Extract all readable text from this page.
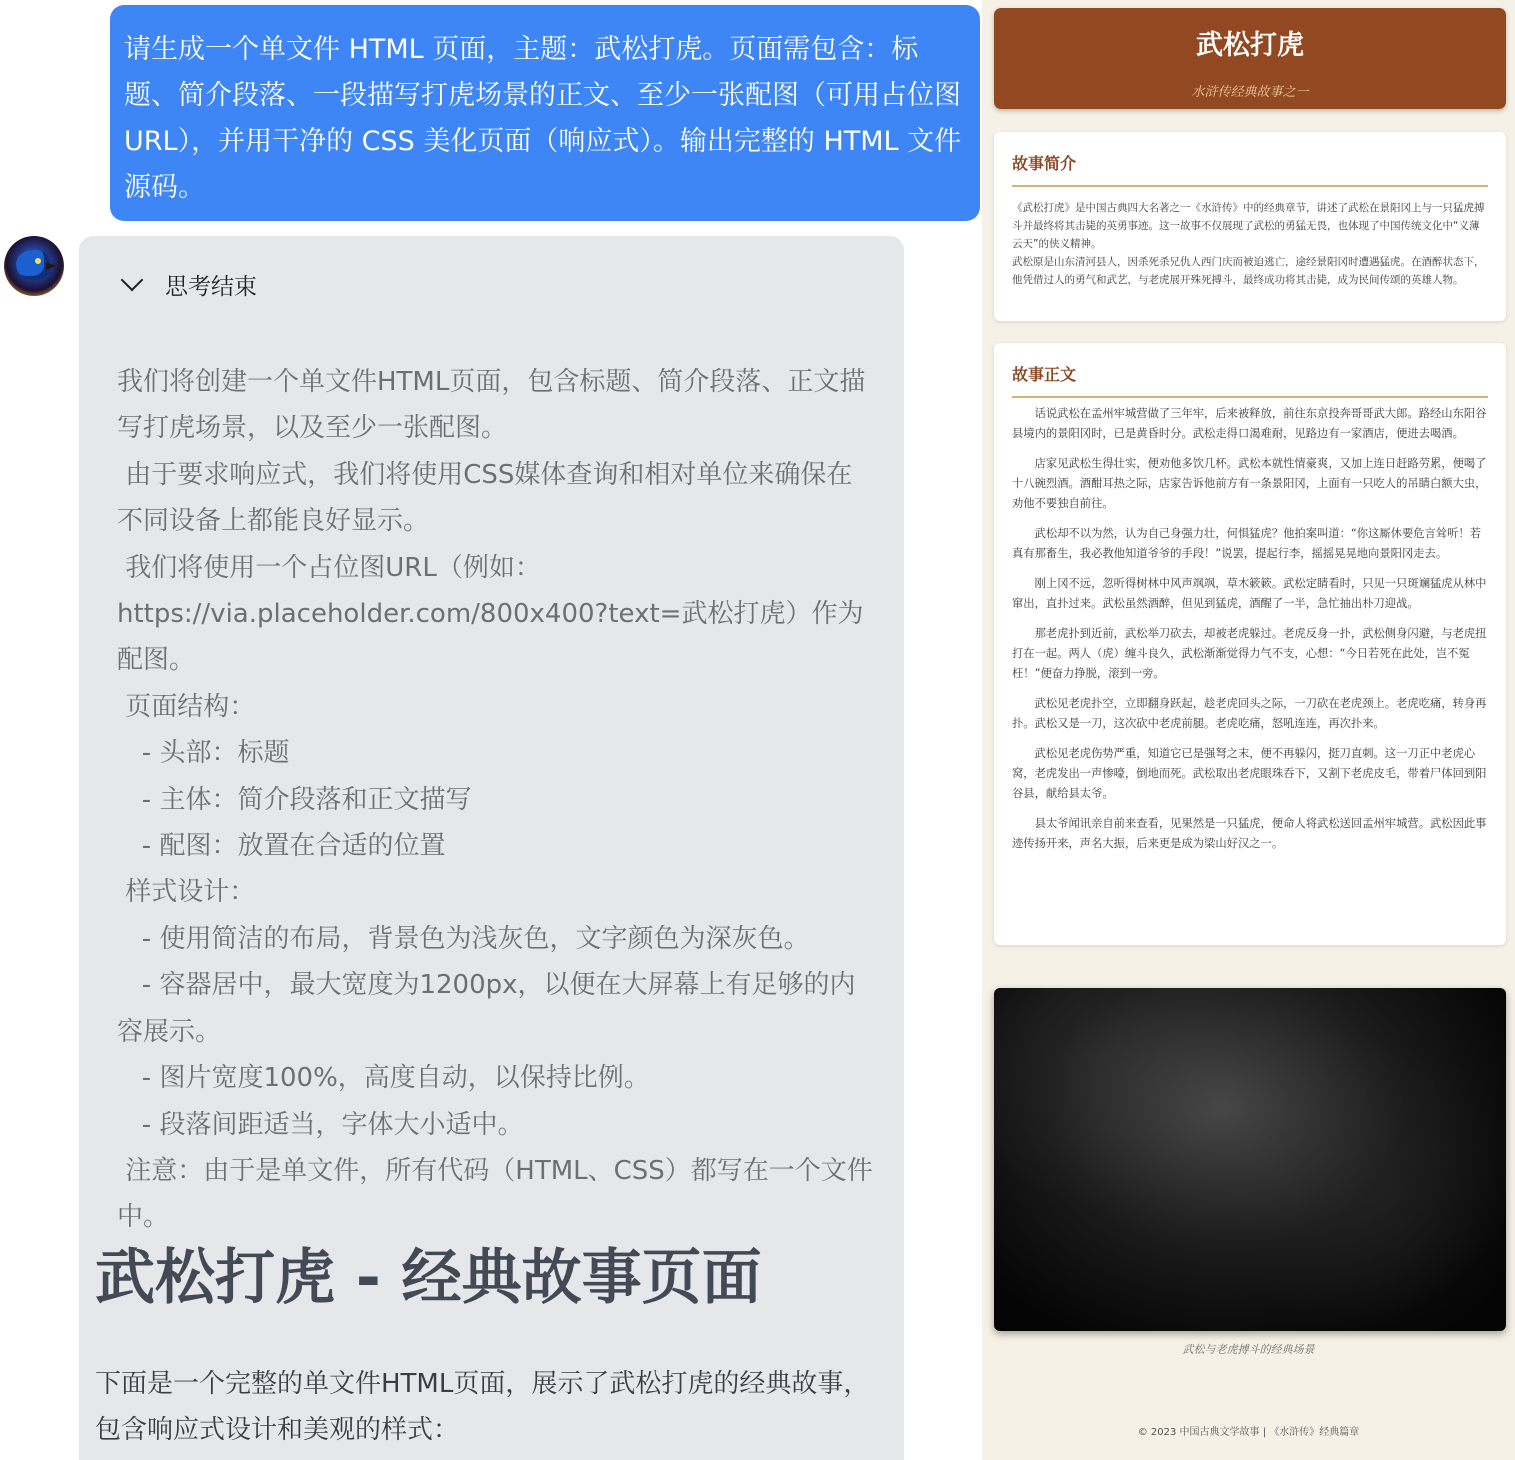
请生成一个单文件 HTML 页面，主题：武松打虎。页面需包含：标题、简介段落、一段描写打虎场景的正文、至少一张配图（可用占位图 URL），并用干净的 CSS 美化页面（响应式）。输出完整的 HTML 文件源码。
思考结束
我们将创建一个单文件HTML页面，包含标题、简介段落、正文描写打虎场景，以及至少一张配图。
由于要求响应式，我们将使用CSS媒体查询和相对单位来确保在不同设备上都能良好显示。
我们将使用一个占位图URL（例如：https://via.placeholder.com/800x400?text=武松打虎）作为配图。
页面结构：
- 头部：标题
- 主体：简介段落和正文描写
- 配图：放置在合适的位置
样式设计：
- 使用简洁的布局，背景色为浅灰色，文字颜色为深灰色。
- 容器居中，最大宽度为1200px，以便在大屏幕上有足够的内容展示。
- 图片宽度100%，高度自动，以保持比例。
- 段落间距适当，字体大小适中。
注意：由于是单文件，所有代码（HTML、CSS）都写在一个文件中。
武松打虎 - 经典故事页面
下面是一个完整的单文件HTML页面，展示了武松打虎的经典故事，包含响应式设计和美观的样式：
武松打虎
水浒传经典故事之一
故事简介
《武松打虎》是中国古典四大名著之一《水浒传》中的经典章节，讲述了武松在景阳冈上与一只猛虎搏斗并最终将其击毙的英勇事迹。这一故事不仅展现了武松的勇猛无畏，也体现了中国传统文化中“义薄云天”的侠义精神。
武松原是山东清河县人，因杀死杀兄仇人西门庆而被迫逃亡，途经景阳冈时遭遇猛虎。在酒醉状态下，他凭借过人的勇气和武艺，与老虎展开殊死搏斗，最终成功将其击毙，成为民间传颂的英雄人物。
故事正文

话说武松在孟州牢城营做了三年牢，后来被释放，前往东京投奔哥哥武大郎。路经山东阳谷县境内的景阳冈时，已是黄昏时分。武松走得口渴难耐，见路边有一家酒店，便进去喝酒。

店家见武松生得壮实，便劝他多饮几杯。武松本就性情豪爽，又加上连日赶路劳累，便喝了十八碗烈酒。酒酣耳热之际，店家告诉他前方有一条景阳冈，上面有一只吃人的吊睛白额大虫，劝他不要独自前往。

武松却不以为然，认为自己身强力壮，何惧猛虎？他拍案叫道：“你这厮休要危言耸听！若真有那畜生，我必教他知道爷爷的手段！”说罢，提起行李，摇摇晃晃地向景阳冈走去。

刚上冈不远，忽听得树林中风声飒飒，草木簌簌。武松定睛看时，只见一只斑斓猛虎从林中窜出，直扑过来。武松虽然酒醉，但见到猛虎，酒醒了一半，急忙抽出朴刀迎战。

那老虎扑到近前，武松举刀砍去，却被老虎躲过。老虎反身一扑，武松侧身闪避，与老虎扭打在一起。两人（虎）缠斗良久，武松渐渐觉得力气不支，心想：“今日若死在此处，岂不冤枉！”便奋力挣脱，滚到一旁。

武松见老虎扑空，立即翻身跃起，趁老虎回头之际，一刀砍在老虎颈上。老虎吃痛，转身再扑。武松又是一刀，这次砍中老虎前腿。老虎吃痛，怒吼连连，再次扑来。

武松见老虎伤势严重，知道它已是强弩之末，便不再躲闪，挺刀直刺。这一刀正中老虎心窝，老虎发出一声惨嚎，倒地而死。武松取出老虎眼珠吞下，又割下老虎皮毛，带着尸体回到阳谷县，献给县太爷。

县太爷闻讯亲自前来查看，见果然是一只猛虎，便命人将武松送回孟州牢城营。武松因此事迹传扬开来，声名大振，后来更是成为梁山好汉之一。

武松与老虎搏斗的经典场景
© 2023 中国古典文学故事 | 《水浒传》经典篇章
